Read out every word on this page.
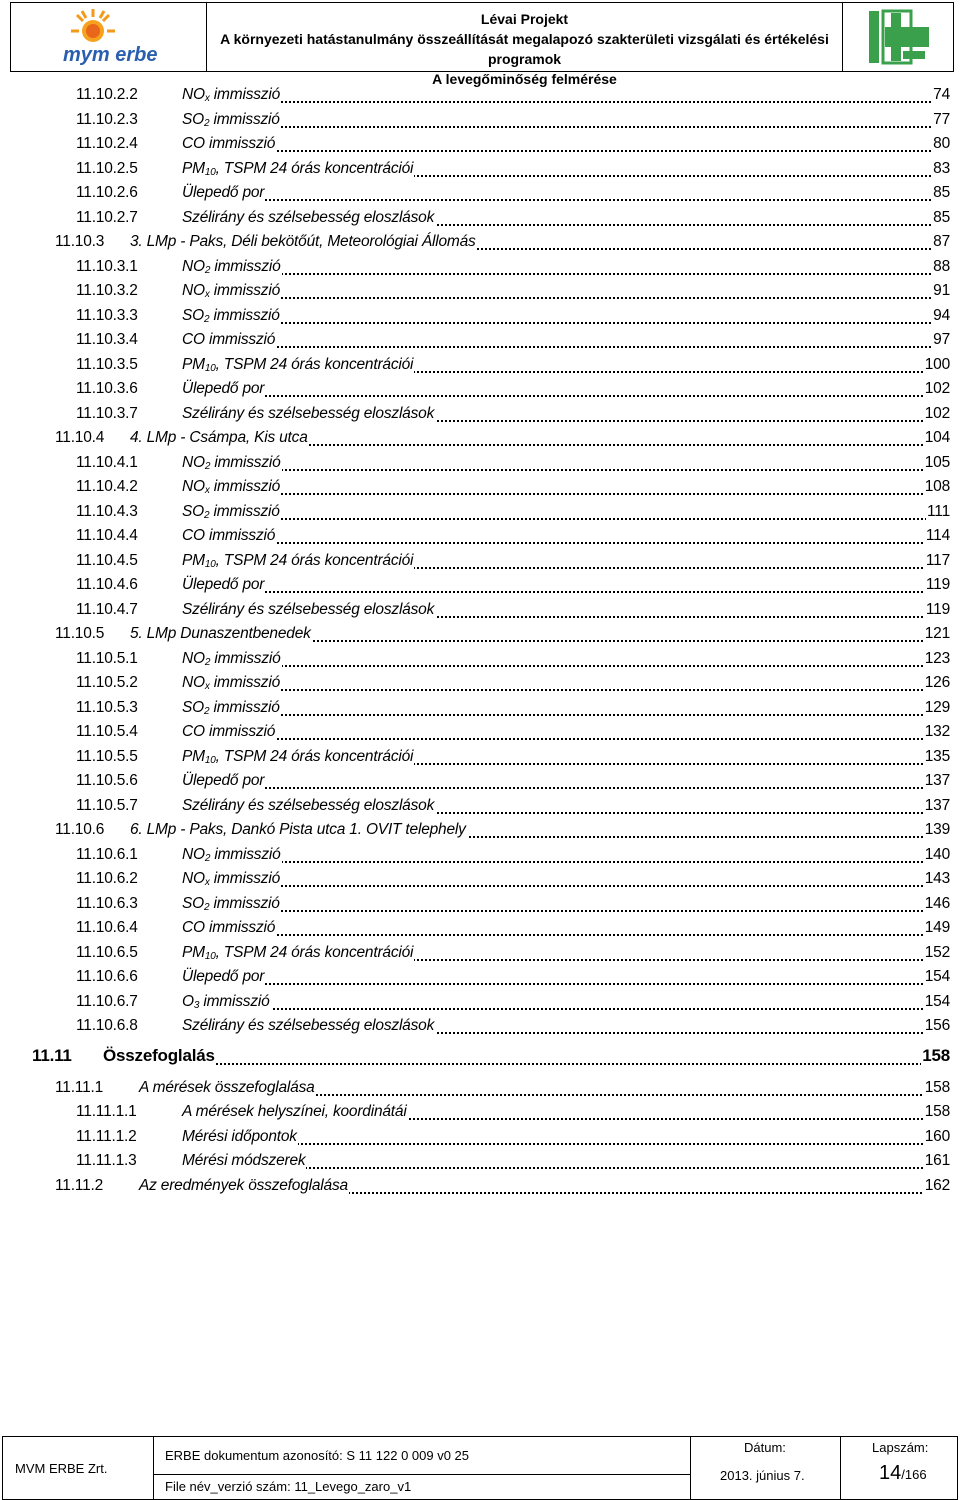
mym erbe
Lévai Projekt
A környezeti hatástanulmány összeállítását megalapozó szakterületi vizsgálati és értékelési programok
A levegőminőség felmérése
11.10.2.2	$NO_x$ immisszió	74
11.10.2.3	$SO_2$ immisszió	77
11.10.2.4	CO immisszió	80
11.10.2.5	$PM_{10}$, TSPM 24 órás koncentrációi	83
11.10.2.6	Ülepedő por	85
11.10.2.7	Szélirány és szélsebesség eloszlások	85
11.10.3 3. LMp - Paks, Déli bekötőút, Meteorológiai Állomás	87
11.10.3.1	$NO_2$ immisszió	88
11.10.3.2	$NO_x$ immisszió	91
11.10.3.3	$SO_2$ immisszió	94
11.10.3.4	CO immisszió	97
11.10.3.5	$PM_{10}$, TSPM 24 órás koncentrációi	100
11.10.3.6	Ülepedő por	102
11.10.3.7	Szélirány és szélsebesség eloszlások	102
11.10.4 4. LMp - Csámpa, Kis utca	104
11.10.4.1	$NO_2$ immisszió	105
11.10.4.2	$NO_x$ immisszió	108
11.10.4.3	$SO_2$ immisszió	111
11.10.4.4	CO immisszió	114
11.10.4.5	$PM_{10}$, TSPM 24 órás koncentrációi	117
11.10.4.6	Ülepedő por	119
11.10.4.7	Szélirány és szélsebesség eloszlások	119
11.10.5 5. LMp Dunaszentbenedek	121
11.10.5.1	$NO_2$ immisszió	123
11.10.5.2	$NO_x$ immisszió	126
11.10.5.3	$SO_2$ immisszió	129
11.10.5.4	CO immisszió	132
11.10.5.5	$PM_{10}$, TSPM 24 órás koncentrációi	135
11.10.5.6	Ülepedő por	137
11.10.5.7	Szélirány és szélsebesség eloszlások	137
11.10.6 6. LMp - Paks, Dankó Pista utca 1. OVIT telephely	139
11.10.6.1	$NO_2$ immisszió	140
11.10.6.2	$NO_x$ immisszió	143
11.10.6.3	$SO_2$ immisszió	146
11.10.6.4	CO immisszió	149
11.10.6.5	$PM_{10}$, TSPM 24 órás koncentrációi	152
11.10.6.6	Ülepedő por	154
11.10.6.7	$O_3$ immisszió	154
11.10.6.8	Szélirány és szélsebesség eloszlások	156
11.11 Összefoglalás	158
11.11.1 A mérések összefoglalása	158
11.11.1.1	A mérések helyszínei, koordinátái	158
11.11.1.2	Mérési időpontok	160
11.11.1.3	Mérési módszerek	161
11.11.2 Az eredmények összefoglalása	162
MVM ERBE Zrt.
ERBE dokumentum azonosító: S 11 122 0 009 v0 25
File név_verzió szám: 11_Levego_zaro_v1
Dátum:
2013. június 7.
Lapszám:
14/166
